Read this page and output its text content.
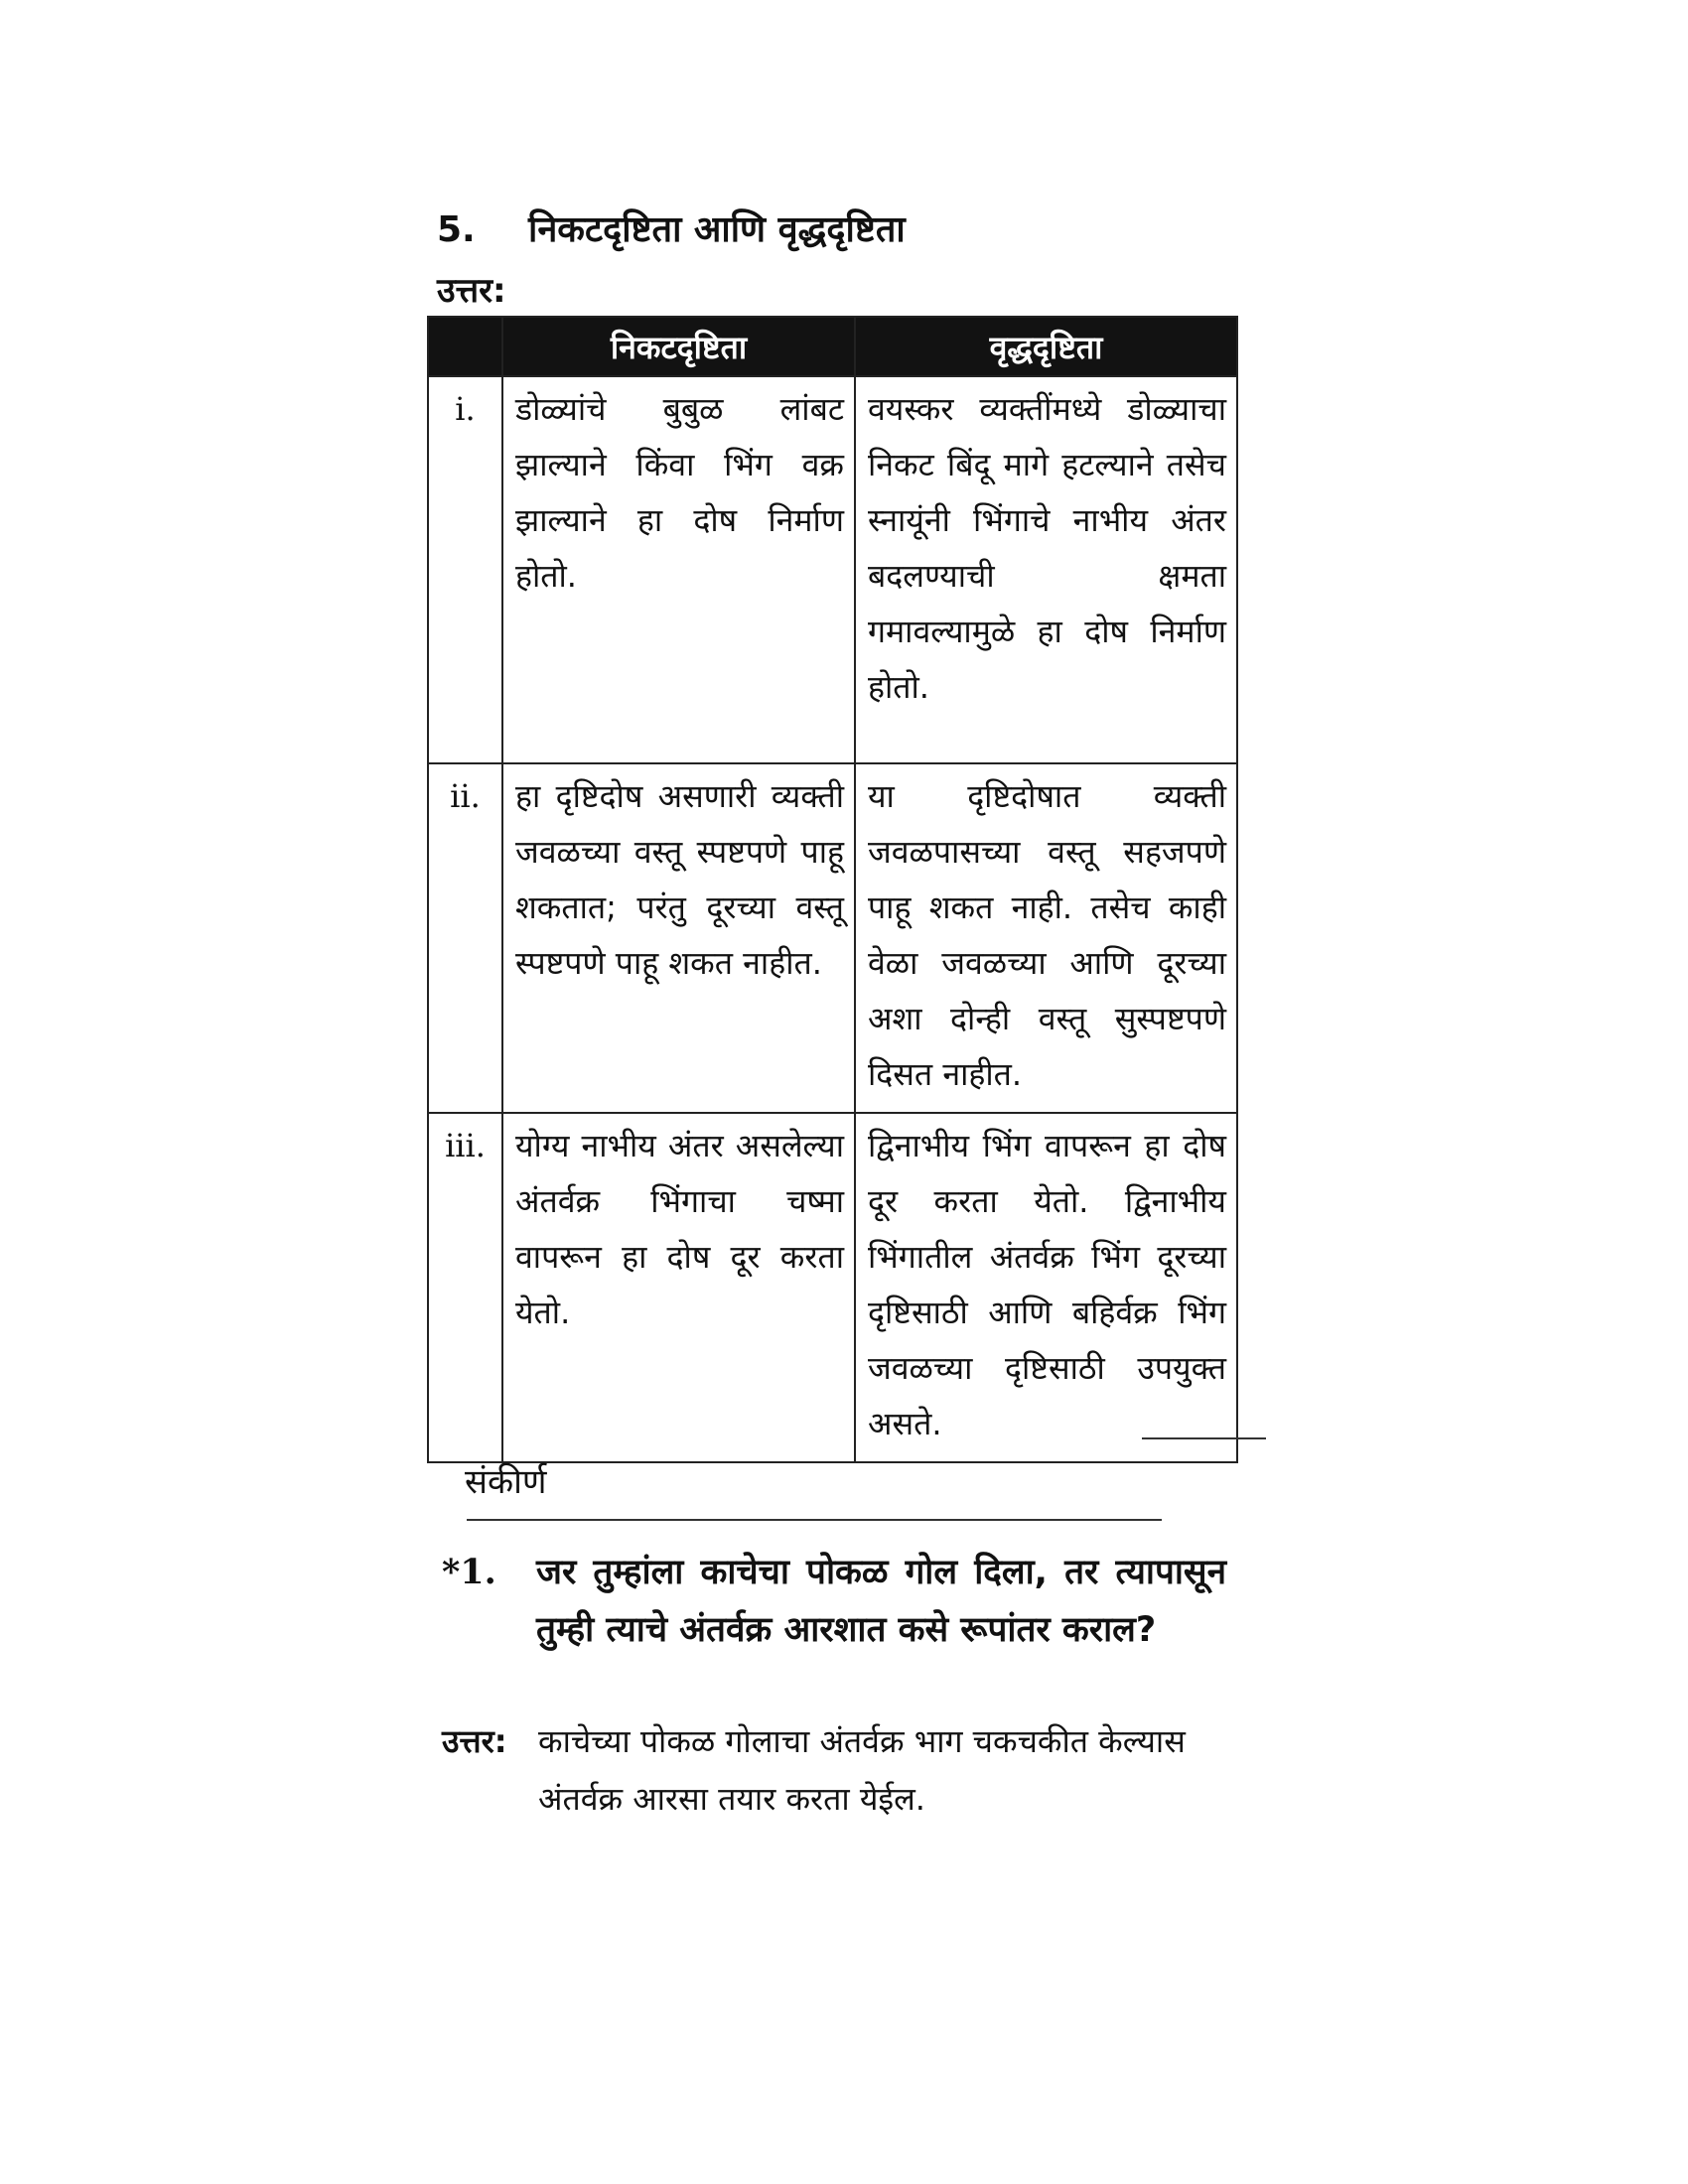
5.	निकटदृष्टिता आणि वृद्धदृष्टिता
उत्तर:
	निकटदृष्टिता	वृद्धदृष्टिता
i.	डोळ्यांचे बुबुळ लांबट झाल्याने किंवा भिंग वक्र झाल्याने हा दोष निर्माण होतो.	वयस्कर व्यक्तींमध्ये डोळ्याचा निकट बिंदू मागे हटल्याने तसेच स्नायूंनी भिंगाचे नाभीय अंतर बदलण्याची क्षमता गमावल्यामुळे हा दोष निर्माण होतो.
ii.	हा दृष्टिदोष असणारी व्यक्ती जवळच्या वस्तू स्पष्टपणे पाहू शकतात; परंतु दूरच्या वस्तू स्पष्टपणे पाहू शकत नाहीत.	या दृष्टिदोषात व्यक्ती जवळपासच्या वस्तू सहजपणे पाहू शकत नाही. तसेच काही वेळा जवळच्या आणि दूरच्या अशा दोन्ही वस्तू सुस्पष्टपणे दिसत नाहीत.
iii.	योग्य नाभीय अंतर असलेल्या अंतर्वक्र भिंगाचा चष्मा वापरून हा दोष दूर करता येतो.	द्विनाभीय भिंग वापरून हा दोष दूर करता येतो. द्विनाभीय भिंगातील अंतर्वक्र भिंग दूरच्या दृष्टिसाठी आणि बहिर्वक्र भिंग जवळच्या दृष्टिसाठी उपयुक्त असते.
संकीर्ण
*1.	जर तुम्हांला काचेचा पोकळ गोल दिला, तर त्यापासून तुम्ही त्याचे अंतर्वक्र आरशात कसे रूपांतर कराल?
उत्तर: काचेच्या पोकळ गोलाचा अंतर्वक्र भाग चकचकीत केल्यास अंतर्वक्र आरसा तयार करता येईल.
